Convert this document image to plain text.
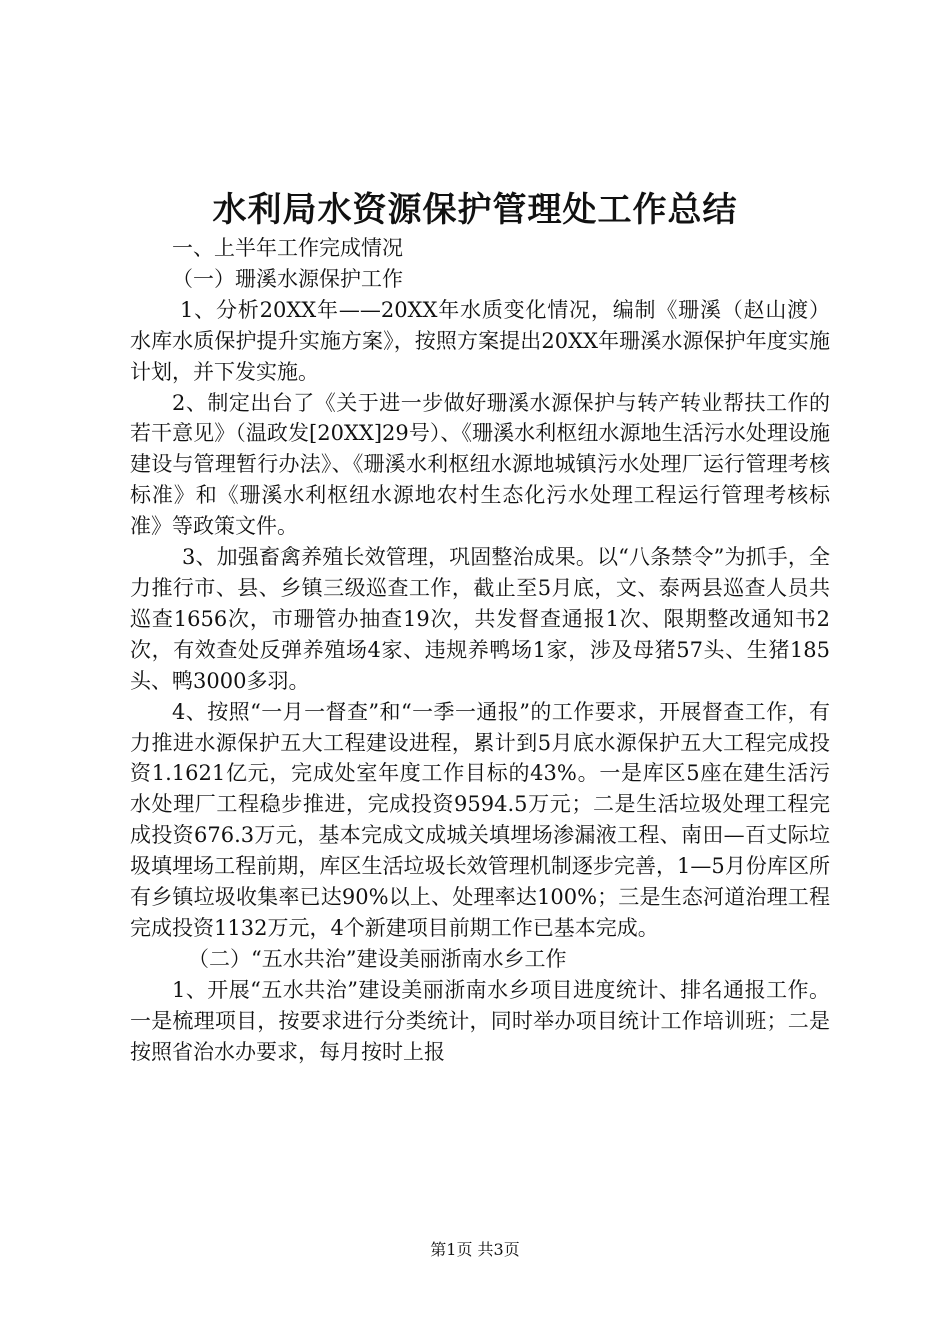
水利局水资源保护管理处工作总结

一、上半年工作完成情况

（一）珊溪水源保护工作

1、分析20XX年——20XX年水质变化情况，编制《珊溪（赵山渡）水库水质保护提升实施方案》，按照方案提出20XX年珊溪水源保护年度实施计划，并下发实施。

2、制定出台了《关于进一步做好珊溪水源保护与转产转业帮扶工作的若干意见》（温政发[20XX]29号）、《珊溪水利枢纽水源地生活污水处理设施建设与管理暂行办法》、《珊溪水利枢纽水源地城镇污水处理厂运行管理考核标准》和《珊溪水利枢纽水源地农村生态化污水处理工程运行管理考核标准》等政策文件。

3、加强畜禽养殖长效管理，巩固整治成果。以“八条禁令”为抓手，全力推行市、县、乡镇三级巡查工作，截止至5月底，文、泰两县巡查人员共巡查1656次，市珊管办抽查19次，共发督查通报1次、限期整改通知书2次，有效查处反弹养殖场4家、违规养鸭场1家，涉及母猪57头、生猪185头、鸭3000多羽。

4、按照“一月一督查”和“一季一通报”的工作要求，开展督查工作，有力推进水源保护五大工程建设进程，累计到5月底水源保护五大工程完成投资1.1621亿元，完成处室年度工作目标的43%。一是库区5座在建生活污水处理厂工程稳步推进，完成投资9594.5万元；二是生活垃圾处理工程完成投资676.3万元，基本完成文成城关填埋场渗漏液工程、南田—百丈际垃圾填埋场工程前期，库区生活垃圾长效管理机制逐步完善，1—5月份库区所有乡镇垃圾收集率已达90%以上、处理率达100%；三是生态河道治理工程完成投资1132万元，4个新建项目前期工作已基本完成。

（二）“五水共治”建设美丽浙南水乡工作

1、开展“五水共治”建设美丽浙南水乡项目进度统计、排名通报工作。一是梳理项目，按要求进行分类统计，同时举办项目统计工作培训班；二是按照省治水办要求，每月按时上报

第1页 共3页
